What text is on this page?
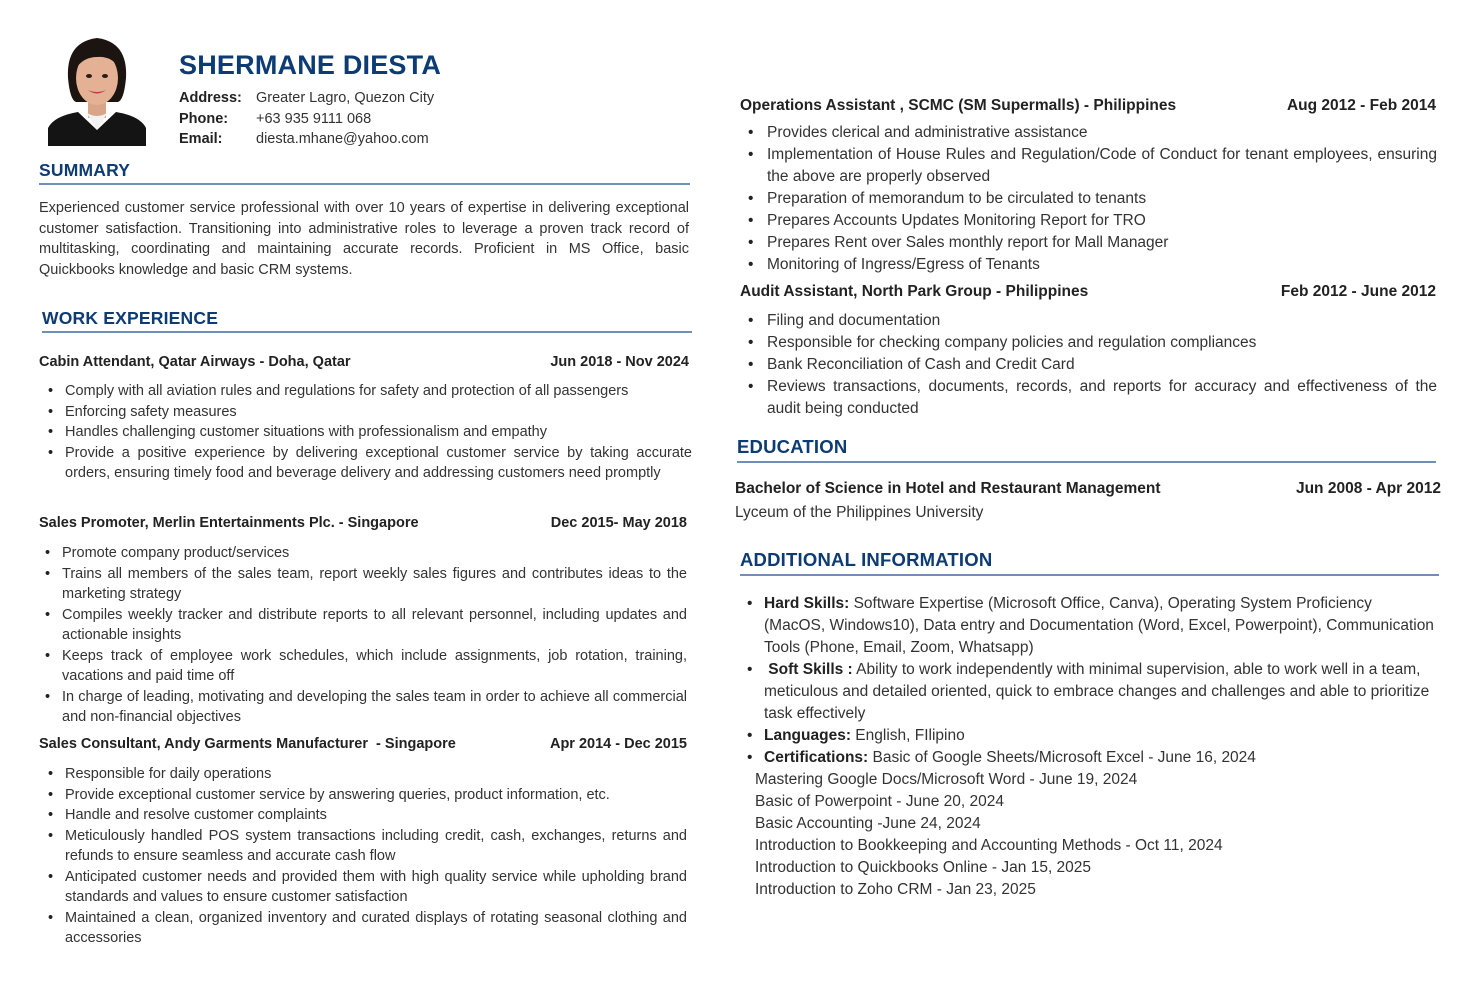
SHERMANE DIESTA
Address: Greater Lagro, Quezon City
Phone:	+63 935 9111 068
Email:	diesta.mhane@yahoo.com
SUMMARY
Experienced customer service professional with over 10 years of expertise in delivering exceptional customer satisfaction. Transitioning into administrative roles to leverage a proven track record of multitasking, coordinating and maintaining accurate records. Proficient in MS Office, basic Quickbooks knowledge and basic CRM systems.
WORK EXPERIENCE
Cabin Attendant, Qatar Airways - Doha, Qatar	Jun 2018 - Nov 2024
• Comply with all aviation rules and regulations for safety and protection of all passengers
• Enforcing safety measures
• Handles challenging customer situations with professionalism and empathy
• Provide a positive experience by delivering exceptional customer service by taking accurate orders, ensuring timely food and beverage delivery and addressing customers need promptly
Sales Promoter, Merlin Entertainments Plc. - Singapore	Dec 2015- May 2018
• Promote company product/services
• Trains all members of the sales team, report weekly sales figures and contributes ideas to the marketing strategy
• Compiles weekly tracker and distribute reports to all relevant personnel, including updates and actionable insights
• Keeps track of employee work schedules, which include assignments, job rotation, training, vacations and paid time off
• In charge of leading, motivating and developing the sales team in order to achieve all commercial and non-financial objectives
Sales Consultant, Andy Garments Manufacturer  - Singapore	Apr 2014 - Dec 2015
• Responsible for daily operations
• Provide exceptional customer service by answering queries, product information, etc.
• Handle and resolve customer complaints
• Meticulously handled POS system transactions including credit, cash, exchanges, returns and refunds to ensure seamless and accurate cash flow
• Anticipated customer needs and provided them with high quality service while upholding brand standards and values to ensure customer satisfaction
• Maintained a clean, organized inventory and curated displays of rotating seasonal clothing and accessories
Operations Assistant , SCMC (SM Supermalls) - Philippines	Aug 2012 - Feb 2014
• Provides clerical and administrative assistance
• Implementation of House Rules and Regulation/Code of Conduct for tenant employees, ensuring the above are properly observed
• Preparation of memorandum to be circulated to tenants
• Prepares Accounts Updates Monitoring Report for TRO
• Prepares Rent over Sales monthly report for Mall Manager
• Monitoring of Ingress/Egress of Tenants
Audit Assistant, North Park Group - Philippines	Feb 2012 - June 2012
• Filing and documentation
• Responsible for checking company policies and regulation compliances
• Bank Reconciliation of Cash and Credit Card
• Reviews transactions, documents, records, and reports for accuracy and effectiveness of the audit being conducted
EDUCATION
Bachelor of Science in Hotel and Restaurant Management	Jun 2008 - Apr 2012
Lyceum of the Philippines University
ADDITIONAL INFORMATION
• Hard Skills: Software Expertise (Microsoft Office, Canva), Operating System Proficiency (MacOS, Windows10), Data entry and Documentation (Word, Excel, Powerpoint), Communication Tools (Phone, Email, Zoom, Whatsapp)
•  Soft Skills : Ability to work independently with minimal supervision, able to work well in a team, meticulous and detailed oriented, quick to embrace changes and challenges and able to prioritize task effectively
• Languages: English, FIlipino
• Certifications: Basic of Google Sheets/Microsoft Excel - June 16, 2024
Mastering Google Docs/Microsoft Word - June 19, 2024
Basic of Powerpoint - June 20, 2024
Basic Accounting -June 24, 2024
Introduction to Bookkeeping and Accounting Methods - Oct 11, 2024
Introduction to Quickbooks Online - Jan 15, 2025
Introduction to Zoho CRM - Jan 23, 2025
